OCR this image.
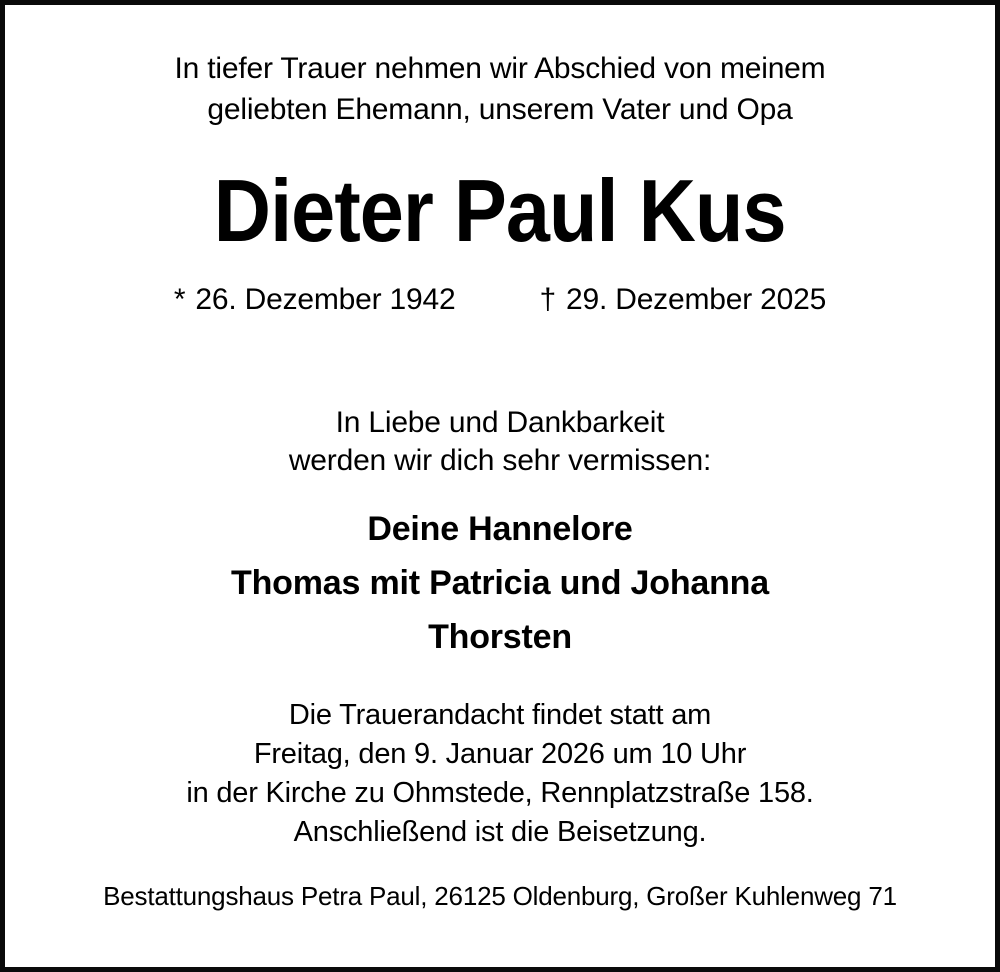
In tiefer Trauer nehmen wir Abschied von meinem
geliebten Ehemann, unserem Vater und Opa

Dieter Paul Kus
* 26. Dezember 1942	† 29. Dezember 2025

In Liebe und Dankbarkeit
werden wir dich sehr vermissen:

Deine Hannelore
Thomas mit Patricia und Johanna
Thorsten

Die Trauerandacht findet statt am
Freitag, den 9. Januar 2026 um 10 Uhr
in der Kirche zu Ohmstede, Rennplatzstraße 158.
Anschließend ist die Beisetzung.

Bestattungshaus Petra Paul, 26125 Oldenburg, Großer Kuhlenweg 71
